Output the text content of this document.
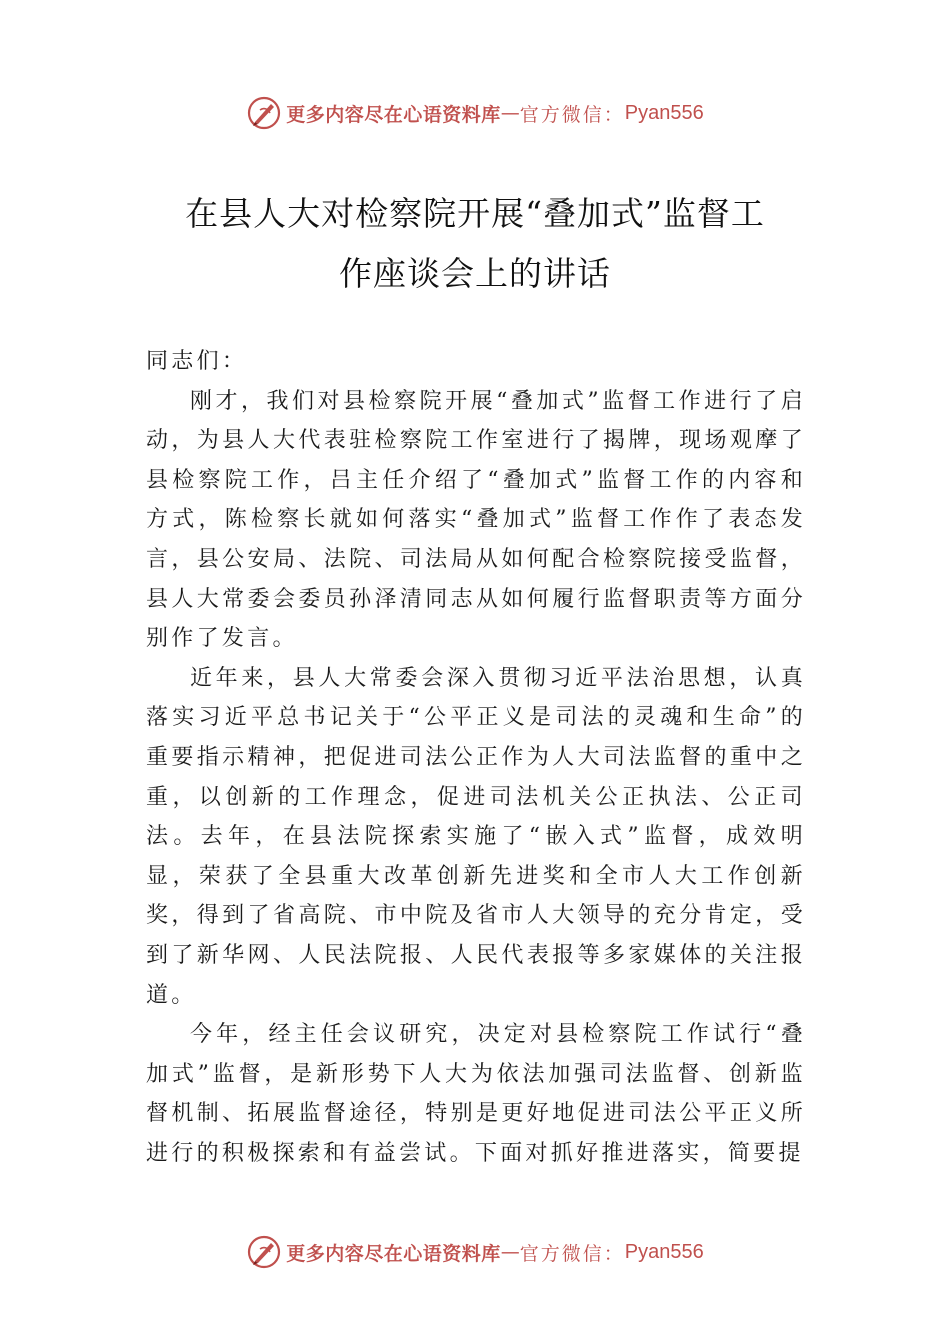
更多内容尽在心语资料库 — 官方微信： Pyan556
在县人大对检察院开展“叠加式”监督工
作座谈会上的讲话
同志们：

刚才，我们对县检察院开展“叠加式”监督工作进行了启动，为县人大代表驻检察院工作室进行了揭牌，现场观摩了县检察院工作，吕主任介绍了“叠加式”监督工作的内容和方式，陈检察长就如何落实“叠加式”监督工作作了表态发言，县公安局、法院、司法局从如何配合检察院接受监督，县人大常委会委员孙泽清同志从如何履行监督职责等方面分别作了发言。

近年来，县人大常委会深入贯彻习近平法治思想，认真落实习近平总书记关于“公平正义是司法的灵魂和生命”的重要指示精神，把促进司法公正作为人大司法监督的重中之重，以创新的工作理念，促进司法机关公正执法、公正司法。去年，在县法院探索实施了“嵌入式”监督，成效明显，荣获了全县重大改革创新先进奖和全市人大工作创新奖，得到了省高院、市中院及省市人大领导的充分肯定，受到了新华网、人民法院报、人民代表报等多家媒体的关注报道。

今年，经主任会议研究，决定对县检察院工作试行“叠加式”监督，是新形势下人大为依法加强司法监督、创新监督机制、拓展监督途径，特别是更好地促进司法公平正义所进行的积极探索和有益尝试。下面对抓好推进落实，简要提

更多内容尽在心语资料库 — 官方微信： Pyan556
